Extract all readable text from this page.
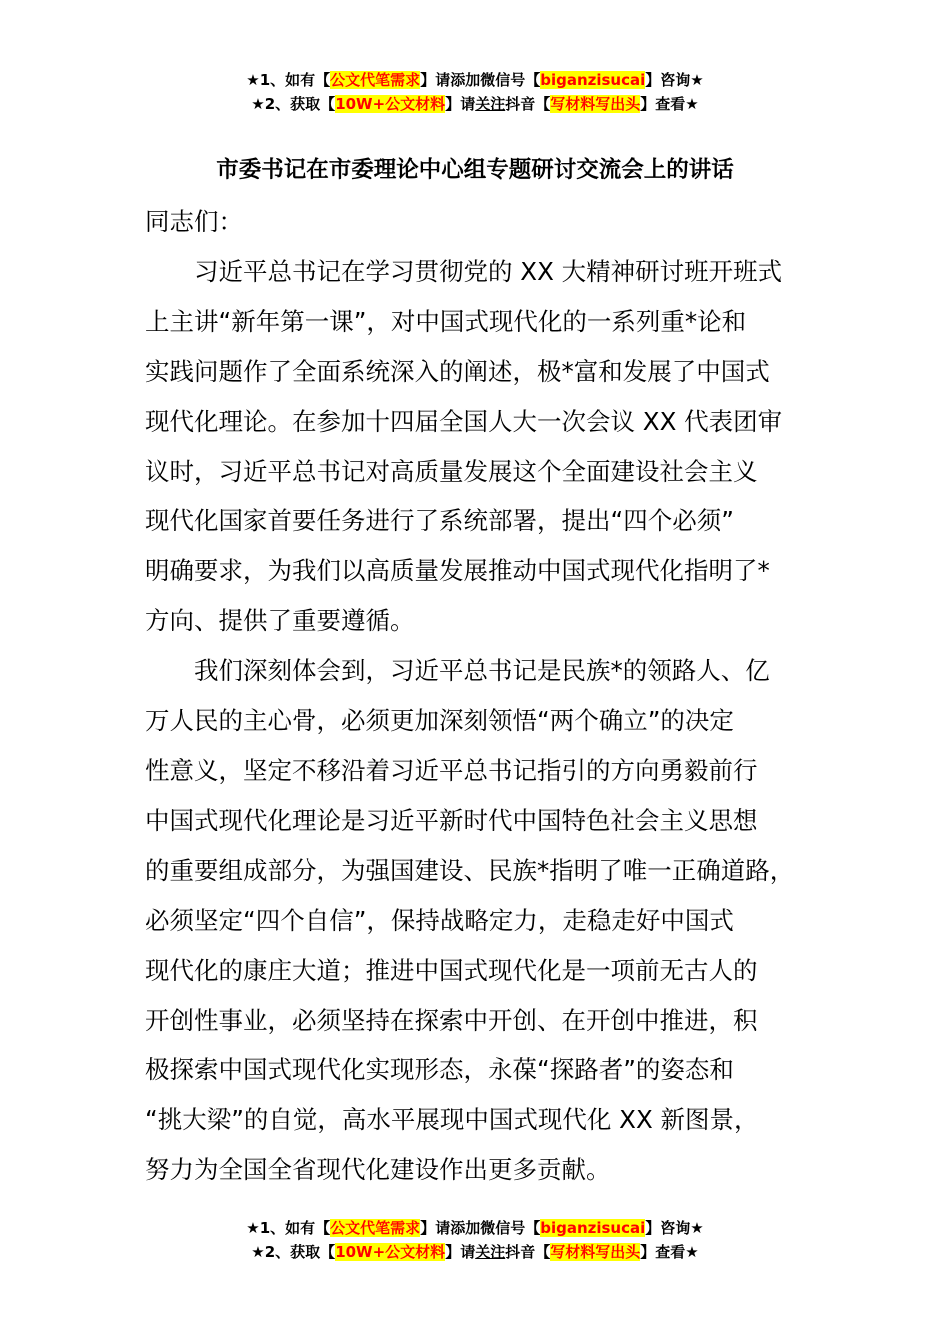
★1、如有【公文代笔需求】请添加微信号【biganzisucai】咨询★
★2、获取【10W+公文材料】请关注抖音【写材料写出头】查看★
市委书记在市委理论中心组专题研讨交流会上的讲话

同志们：

习近平总书记在学习贯彻党的 XX 大精神研讨班开班式
上主讲“新年第一课”，对中国式现代化的一系列重*论和
实践问题作了全面系统深入的阐述，极*富和发展了中国式
现代化理论。在参加十四届全国人大一次会议 XX 代表团审
议时，习近平总书记对高质量发展这个全面建设社会主义
现代化国家首要任务进行了系统部署，提出“四个必须”
明确要求，为我们以高质量发展推动中国式现代化指明了*
方向、提供了重要遵循。

我们深刻体会到，习近平总书记是民族*的领路人、亿
万人民的主心骨，必须更加深刻领悟“两个确立”的决定
性意义，坚定不移沿着习近平总书记指引的方向勇毅前行
中国式现代化理论是习近平新时代中国特色社会主义思想
的重要组成部分，为强国建设、民族*指明了唯一正确道路，
必须坚定“四个自信”，保持战略定力，走稳走好中国式
现代化的康庄大道；推进中国式现代化是一项前无古人的
开创性事业，必须坚持在探索中开创、在开创中推进，积
极探索中国式现代化实现形态，永葆“探路者”的姿态和
“挑大梁”的自觉，高水平展现中国式现代化 XX 新图景，
努力为全国全省现代化建设作出更多贡献。

★1、如有【公文代笔需求】请添加微信号【biganzisucai】咨询★
★2、获取【10W+公文材料】请关注抖音【写材料写出头】查看★
